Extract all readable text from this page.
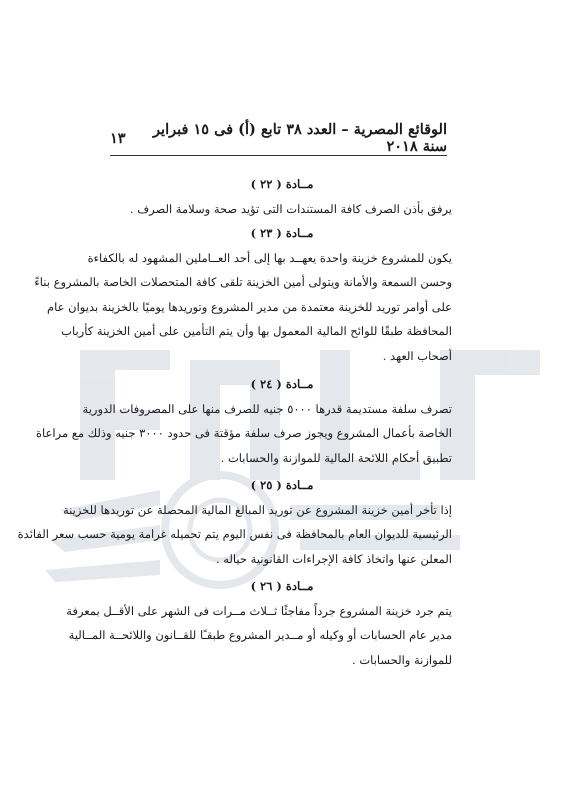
الوقائع المصرية – العدد ٣٨ تابع (أ) فى ١٥ فبراير سنة ٢٠١٨
١٣
مــادة ( ٢٢ )
يرفق بأذن الصرف كافة المستندات التى تؤيد صحة وسلامة الصرف .
مــادة ( ٢٣ )
يكون للمشروع خزينة واحدة يعهــد بها إلى أحد العــاملين المشهود له بالكفاءة
وحسن السمعة والأمانة ويتولى أمين الخزينة تلقى كافة المتحصلات الخاصة بالمشروع بناءً
على أوامر توريد للخزينة معتمدة من مدير المشروع وتوريدها يوميًا بالخزينة بديوان عام
المحافظة طبقًا للوائح المالية المعمول بها وأن يتم التأمين على أمين الخزينة كأرباب
أصحاب العهد .
مــادة ( ٢٤ )
تصرف سلفة مستديمة قدرها ٥٠٠٠ جنيه للصرف منها على المصروفات الدورية
الخاصة بأعمال المشروع ويجوز صرف سلفة مؤقتة فى حدود ٣٠٠٠ جنيه وذلك مع مراعاة
تطبيق أحكام اللائحة المالية للموازنة والحسابات .
مــادة ( ٢٥ )
إذا تأخر أمين خزينة المشروع عن توريد المبالغ المالية المحصلة عن توريدها للخزينة
الرئيسية للديوان العام بالمحافظة فى نفس اليوم يتم تحميله غرامة يومية حسب سعر الفائدة
المعلن عنها واتخاذ كافة الإجراءات القانونية حياله .
مــادة ( ٢٦ )
يتم جرد خزينة المشروع جرداً مفاجئًا ثــلاث مــرات فى الشهر على الأقــل بمعرفة
مدير عام الحسابات أو وكيله أو مــدير المشروع طبقـًا للقــانون واللائحــة المــالية
للموازنة والحسابات .
